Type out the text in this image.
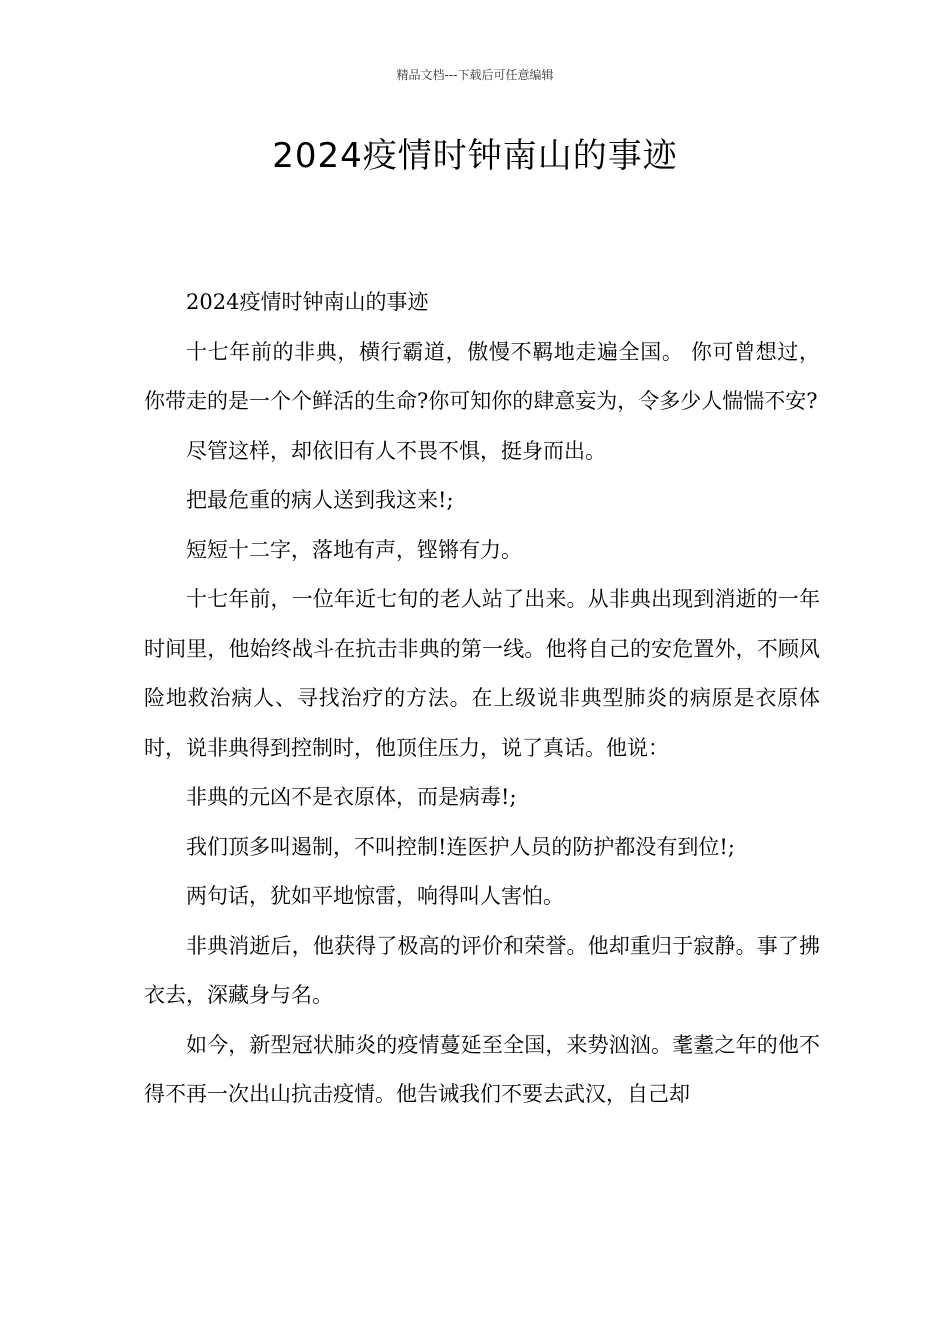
精品文档---下载后可任意编辑
2024疫情时钟南山的事迹

2024疫情时钟南山的事迹

十七年前的非典，横行霸道，傲慢不羁地走遍全国。 你可曾想过，你带走的是一个个鲜活的生命?你可知你的肆意妄为，令多少人惴惴不安?

尽管这样，却依旧有人不畏不惧，挺身而出。

把最危重的病人送到我这来!;

短短十二字，落地有声，铿锵有力。

十七年前，一位年近七旬的老人站了出来。从非典出现到消逝的一年时间里，他始终战斗在抗击非典的第一线。他将自己的安危置外，不顾风险地救治病人、寻找治疗的方法。在上级说非典型肺炎的病原是衣原体时，说非典得到控制时，他顶住压力，说了真话。他说：

非典的元凶不是衣原体，而是病毒!;

我们顶多叫遏制，不叫控制!连医护人员的防护都没有到位!;

两句话，犹如平地惊雷，响得叫人害怕。

非典消逝后，他获得了极高的评价和荣誉。他却重归于寂静。事了拂衣去，深藏身与名。

如今，新型冠状肺炎的疫情蔓延至全国，来势汹汹。耄耋之年的他不得不再一次出山抗击疫情。他告诫我们不要去武汉，自己却
